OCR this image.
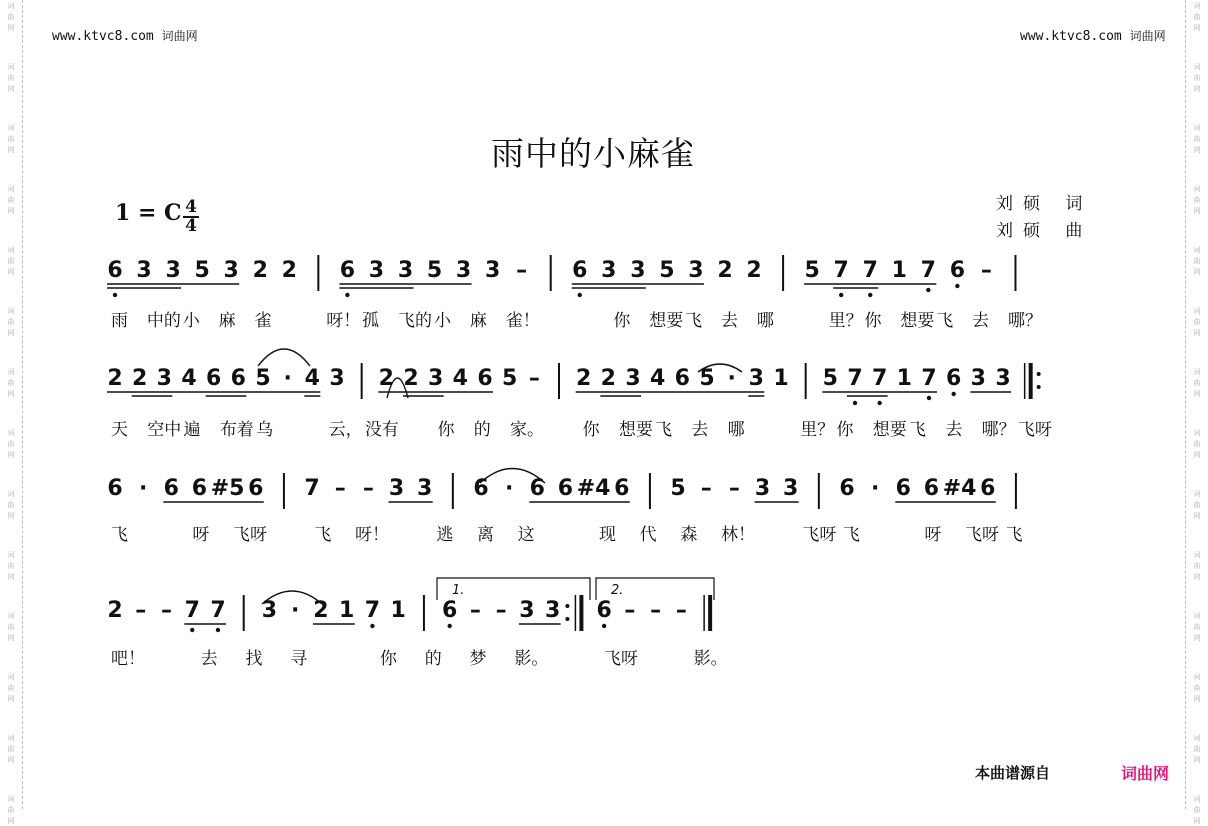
www.ktvc8.com 词曲网	www.ktvc8.com 词曲网
雨中的小麻雀
1 = C 4
4
刘硕 词
刘硕 曲
6 3 3 5 3 2 2 6 3 3 5 3 3 – 6 3 3 5 3 2 2 5 7 7 1 7 6 –
雨 中的 小 麻 雀	呀！ 孤 飞的 小 麻 雀！	你 想要 飞 去 哪	里？ 你 想要 飞 去 哪？
2 2 3 4 6 6 5 · 4 3 2 2 3 4 6 5 – 2 2 3 4 6 5 · 3 1 5 7 7 1 7 6 3 3
天 空中 遍 布着 乌	云， 没有 你 的 家。 你 想要 飞 去 哪	里？ 你 想要 飞 去 哪？ 飞呀
6 · 6 6 #5 6 7 – – 3 3 6 · 6 6 #4 6 5 – – 3 3 6 · 6 6 #4 6
飞	呀 飞呀	飞 呀！	逃 离 这	现 代 森 林！	飞呀 飞	呀 飞呀 飞
2 – – 7 7 3 · 2 1 7 1 6 – – 3 3 6 – – –
吧！	去 找 寻	你 的 梦 影。	飞呀	影。
1.	2.
本曲谱源自	词曲网
词
曲
网
词
曲
网
词
曲
网
词
曲
网
词
曲
网
词
曲
网
词
曲
网
词
曲
网
词
曲
网
词
曲
网
词
曲
网
词
曲
网
词
曲
网
词
曲
网
词
曲
网
词
曲
网
词
曲
网
词
曲
网
词
曲
网
词
曲
网
词
曲
网
词
曲
网
词
曲
网
词
曲
网
词
曲
网
词
曲
网
词
曲
网
词
曲
网
